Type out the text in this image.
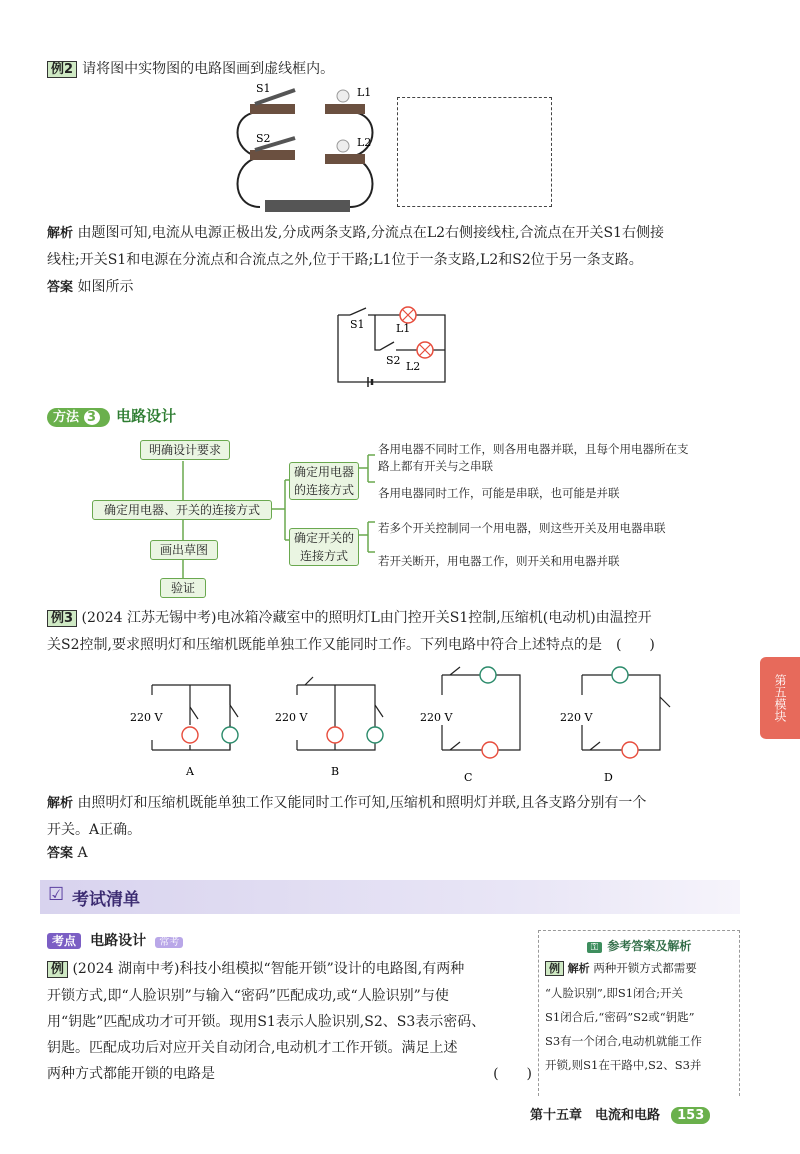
例2 请将图中实物图的电路图画到虚线框内。
S1
S2
L1
L2
解析 由题图可知,电流从电源正极出发,分成两条支路,分流点在L2右侧接线柱,合流点在开关S1右侧接
线柱;开关S1和电源在分流点和合流点之外,位于干路;L1位于一条支路,L2和S2位于另一条支路。
答案 如图所示
S1	L1
S2 L2
方法 3 电路设计
明确设计要求
确定用电器、开关的连接方式
画出草图
验证
确定用电器的连接方式
确定开关的连接方式
各用电器不同时工作，则各用电器并联，且每个用电器所在支路上都有开关与之串联
各用电器同时工作，可能是串联，也可能是并联
若多个开关控制同一个用电器，则这些开关及用电器串联
若开关断开，用电器工作，则开关和用电器并联
例3 (2024 江苏无锡中考)电冰箱冷藏室中的照明灯L由门控开关S1控制,压缩机(电动机)由温控开
关S2控制,要求照明灯和压缩机既能单独工作又能同时工作。下列电路中符合上述特点的是　(　　)
220 V
A
220 V
B
220 V
C
220 V
D
解析 由照明灯和压缩机既能单独工作又能同时工作可知,压缩机和照明灯并联,且各支路分别有一个
开关。A正确。
答案 A
第五模块
☑ 考试清单
考点 电路设计 常考
例 (2024 湖南中考)科技小组模拟“智能开锁”设计的电路图,有两种
开锁方式,即“人脸识别”与输入“密码”匹配成功,或“人脸识别”与使
用“钥匙”匹配成功才可开锁。现用S1表示人脸识别,S2、S3表示密码、
钥匙。匹配成功后对应开关自动闭合,电动机才工作开锁。满足上述
两种方式都能开锁的电路是	(　　)
⚿ 参考答案及解析
例 解析 两种开锁方式都需要
“人脸识别”,即S1闭合;开关
S1闭合后,“密码”S2或“钥匙”
S3有一个闭合,电动机就能工作
开锁,则S1在干路中,S2、S3并
第十五章　电流和电路 153
